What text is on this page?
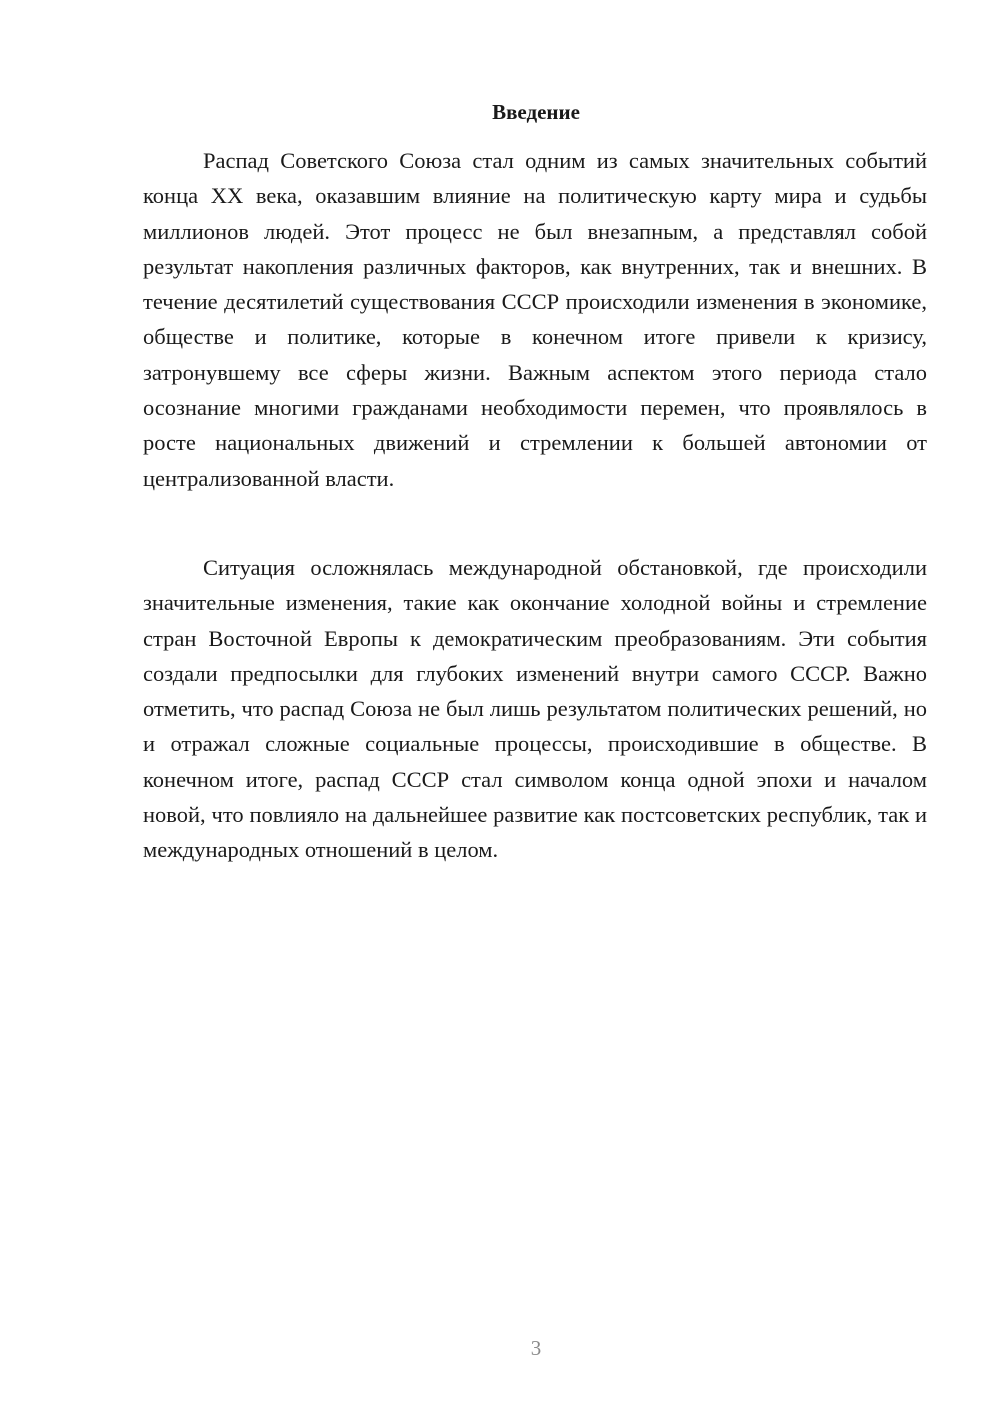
Введение

Распад Советского Союза стал одним из самых значительных событий конца XX века, оказавшим влияние на политическую карту мира и судьбы миллионов людей. Этот процесс не был внезапным, а представлял собой результат накопления различных факторов, как внутренних, так и внешних. В течение десятилетий существования СССР происходили изменения в экономике, обществе и политике, которые в конечном итоге привели к кризису, затронувшему все сферы жизни. Важным аспектом этого периода стало осознание многими гражданами необходимости перемен, что проявлялось в росте национальных движений и стремлении к большей автономии от централизованной власти.

Ситуация осложнялась международной обстановкой, где происходили значительные изменения, такие как окончание холодной войны и стремление стран Восточной Европы к демократическим преобразованиям. Эти события создали предпосылки для глубоких изменений внутри самого СССР. Важно отметить, что распад Союза не был лишь результатом политических решений, но и отражал сложные социальные процессы, происходившие в обществе. В конечном итоге, распад СССР стал символом конца одной эпохи и началом новой, что повлияло на дальнейшее развитие как постсоветских республик, так и международных отношений в целом.

3
